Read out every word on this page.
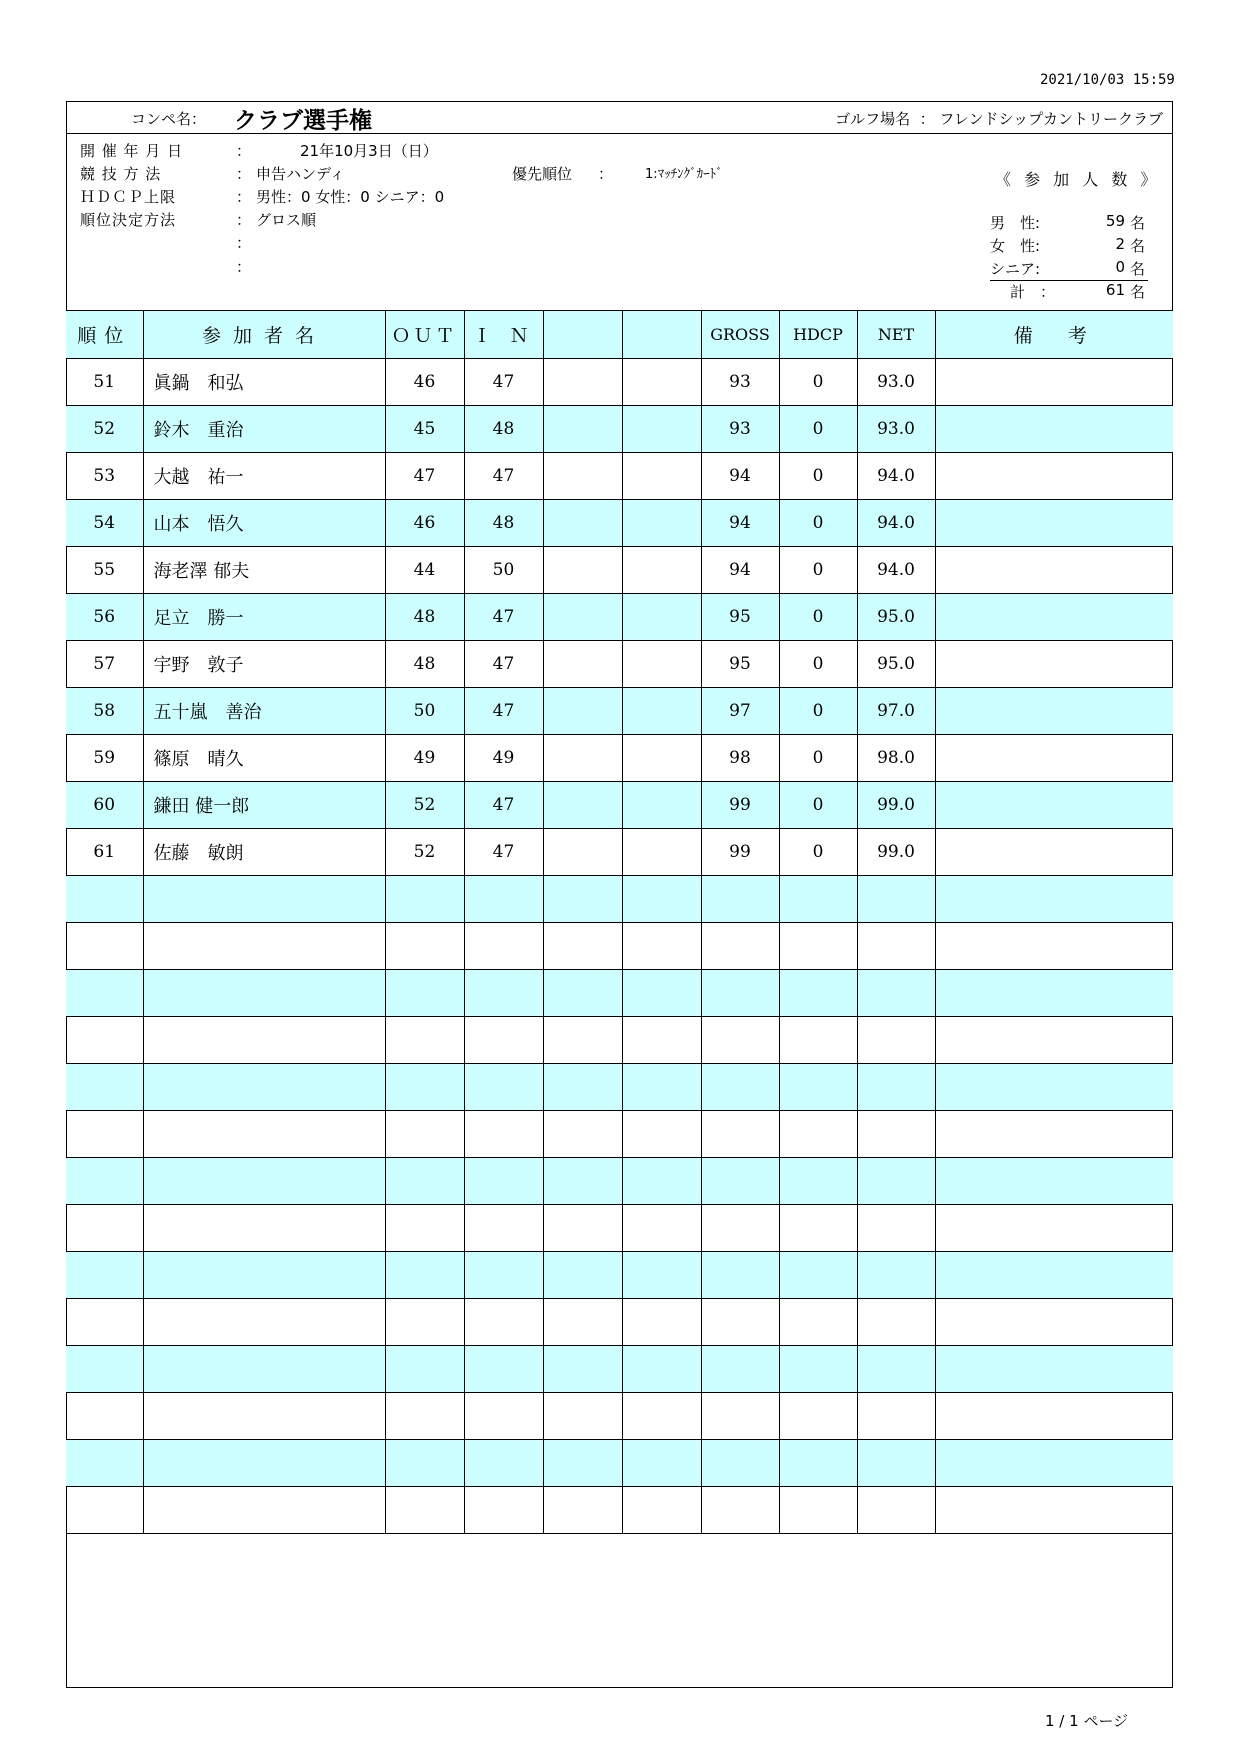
2021/10/03 15:59
コンペ名： クラブ選手権	ゴルフ場名 ： フレンドシップカントリークラブ
開 催 年 月 日	：	21年10月3日（日）
競 技 方 法	： 申告ハンディ	優先順位 ： 1:ﾏｯﾁﾝｸﾞｶｰﾄﾞ
ＨＤＣＰ上限	： 男性：0 女性：0 シニア：0
順位決定方法	： グロス順
：
：
《 参 加 人 数 》
男　性:	59 名
女　性:	2 名
シニア:	0 名
計　：	61 名
順位	参加者名	ＯＵＴ	Ｉ Ｎ			GROSS	HDCP	NET	備　考
51	眞鍋　和弘	46	47			93	0	93.0	
52	鈴木　重治	45	48			93	0	93.0	
53	大越　祐一	47	47			94	0	94.0	
54	山本　悟久	46	48			94	0	94.0	
55	海老澤 郁夫	44	50			94	0	94.0	
56	足立　勝一	48	47			95	0	95.0	
57	宇野　敦子	48	47			95	0	95.0	
58	五十嵐　善治	50	47			97	0	97.0	
59	篠原　晴久	49	49			98	0	98.0	
60	鎌田 健一郎	52	47			99	0	99.0	
61	佐藤　敏朗	52	47			99	0	99.0	

1 / 1 ページ
